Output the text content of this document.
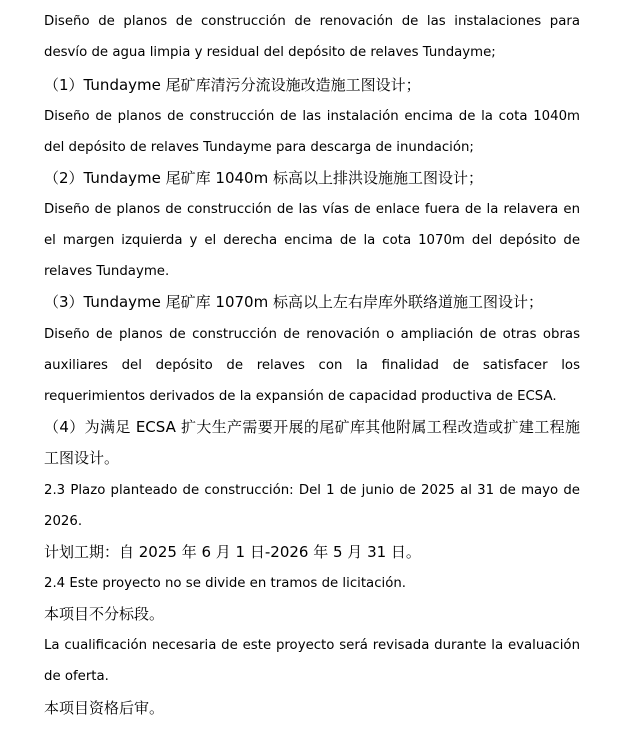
Diseño de planos de construcción de renovación de las instalaciones para desvío de agua limpia y residual del depósito de relaves Tundayme;

（1）Tundayme 尾矿库清污分流设施改造施工图设计；

Diseño de planos de construcción de las instalación encima de la cota 1040m del depósito de relaves Tundayme para descarga de inundación;

（2）Tundayme 尾矿库 1040m 标高以上排洪设施施工图设计；

Diseño de planos de construcción de las vías de enlace fuera de la relavera en el margen izquierda y el derecha encima de la cota 1070m del depósito de relaves Tundayme.

（3）Tundayme 尾矿库 1070m 标高以上左右岸库外联络道施工图设计；

Diseño de planos de construcción de renovación o ampliación de otras obras auxiliares del depósito de relaves con la finalidad de satisfacer los requerimientos derivados de la expansión de capacidad productiva de ECSA.

（4）为满足 ECSA 扩大生产需要开展的尾矿库其他附属工程改造或扩建工程施工图设计。

2.3 Plazo planteado de construcción: Del 1 de junio de 2025 al 31 de mayo de 2026.

计划工期：自 2025 年 6 月 1 日-2026 年 5 月 31 日。

2.4 Este proyecto no se divide en tramos de licitación.

本项目不分标段。

La cualificación necesaria de este proyecto será revisada durante la evaluación de oferta.

本项目资格后审。
